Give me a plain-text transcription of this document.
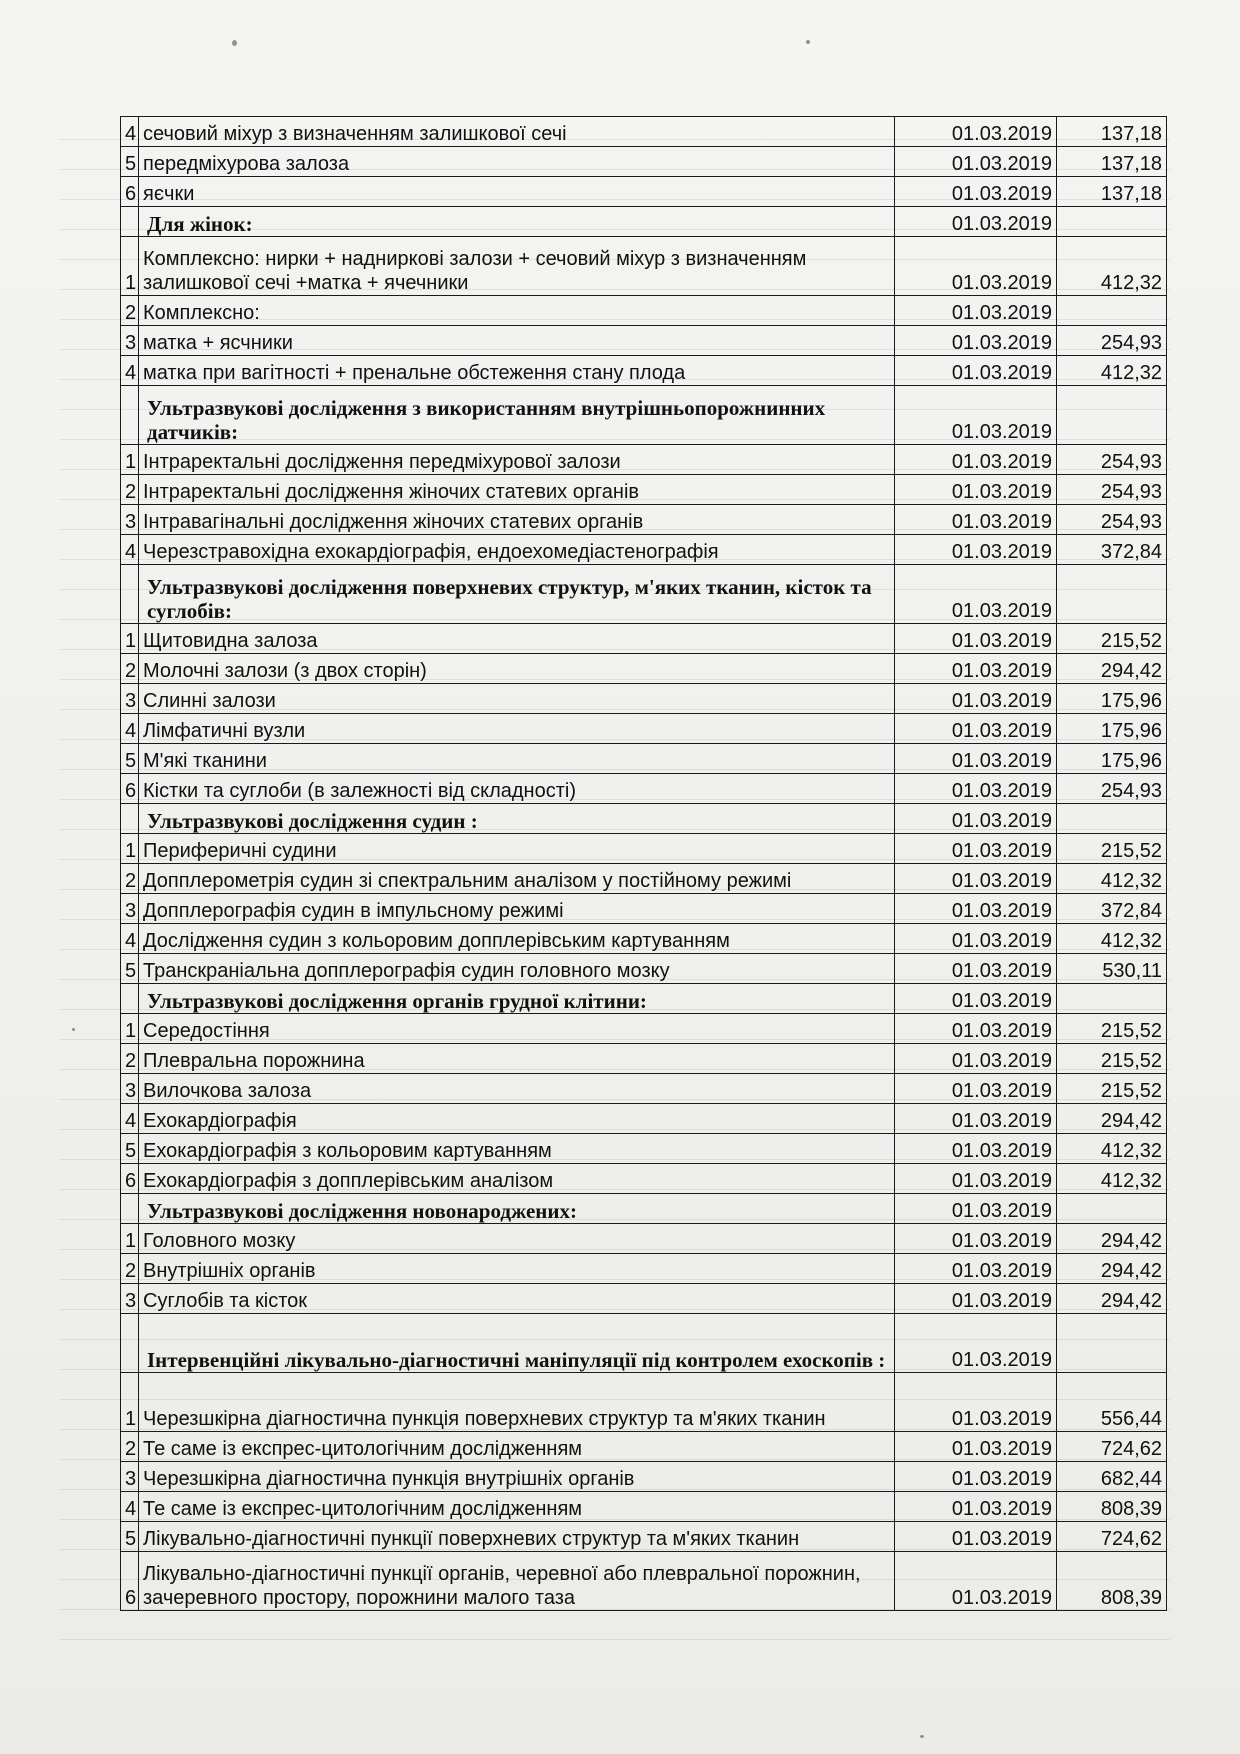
4	сечовий міхур з визначенням залишкової сечі	01.03.2019	137,18
5	передміхурова залоза	01.03.2019	137,18
6	яєчки	01.03.2019	137,18
	Для жінок:	01.03.2019	
1	Комплексно: нирки + надниркові залози + сечовий міхур з визначенням залишкової сечі +матка + ячечники	01.03.2019	412,32
2	Комплексно:	01.03.2019	
3	матка + ясчники	01.03.2019	254,93
4	матка при вагітності + пренальне обстеження стану плода	01.03.2019	412,32
	Ультразвукові дослідження з використанням внутрішньопорожнинних датчиків:	01.03.2019	
1	Інтраректальні дослідження передміхурової залози	01.03.2019	254,93
2	Інтраректальні дослідження жіночих статевих органів	01.03.2019	254,93
3	Інтравагінальні дослідження жіночих статевих органів	01.03.2019	254,93
4	Черезстравохідна ехокардіографія, ендоехомедіастенографія	01.03.2019	372,84
	Ультразвукові дослідження поверхневих структур, м'яких тканин, кісток та суглобів:	01.03.2019	
1	Щитовидна залоза	01.03.2019	215,52
2	Молочні залози (з двох сторін)	01.03.2019	294,42
3	Слинні залози	01.03.2019	175,96
4	Лімфатичні вузли	01.03.2019	175,96
5	М'які тканини	01.03.2019	175,96
6	Кістки та суглоби (в залежності від складності)	01.03.2019	254,93
	Ультразвукові дослідження судин :	01.03.2019	
1	Периферичні судини	01.03.2019	215,52
2	Допплерометрія судин зі спектральним аналізом у постійному режимі	01.03.2019	412,32
3	Допплерографія судин в імпульсному режимі	01.03.2019	372,84
4	Дослідження судин з кольоровим допплерівським картуванням	01.03.2019	412,32
5	Транскраніальна допплерографія судин головного мозку	01.03.2019	530,11
	Ультразвукові дослідження органів грудної клітини:	01.03.2019	
1	Середостіння	01.03.2019	215,52
2	Плевральна порожнина	01.03.2019	215,52
3	Вилочкова залоза	01.03.2019	215,52
4	Ехокардіографія	01.03.2019	294,42
5	Ехокардіографія з кольоровим картуванням	01.03.2019	412,32
6	Ехокардіографія з допплерівським аналізом	01.03.2019	412,32
	Ультразвукові дослідження новонароджених:	01.03.2019	
1	Головного мозку	01.03.2019	294,42
2	Внутрішніх органів	01.03.2019	294,42
3	Суглобів та кісток	01.03.2019	294,42
	Інтервенційні лікувально-діагностичні маніпуляції під контролем ехоскопів :	01.03.2019	
1	Черезшкірна діагностична пункція поверхневих структур та м'яких тканин	01.03.2019	556,44
2	Те саме із експрес-цитологічним дослідженням	01.03.2019	724,62
3	Черезшкірна діагностична пункція внутрішніх органів	01.03.2019	682,44
4	Те саме із експрес-цитологічним дослідженням	01.03.2019	808,39
5	Лікувально-діагностичні пункції поверхневих структур та м'яких тканин	01.03.2019	724,62
6	Лікувально-діагностичні пункції органів, черевної або плевральної порожнин, зачеревного простору, порожнини малого таза	01.03.2019	808,39
